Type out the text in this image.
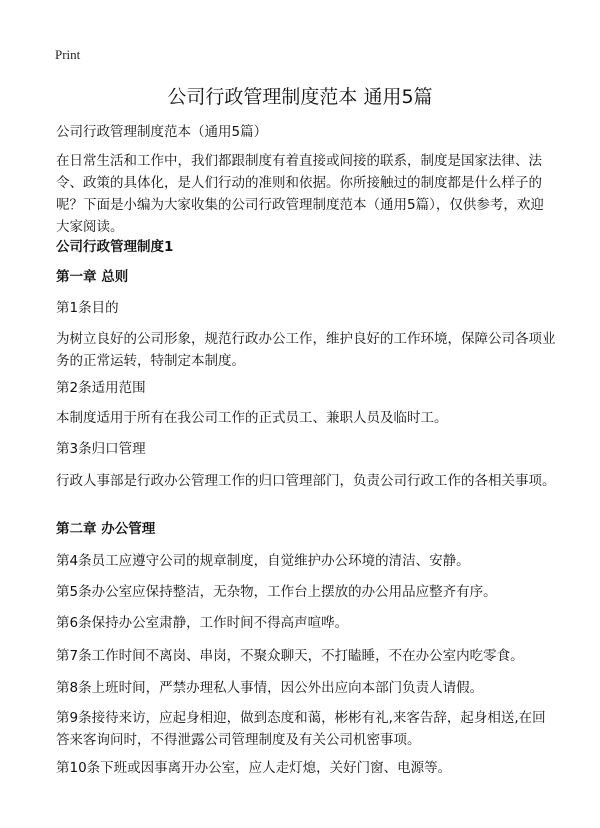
Print
公司行政管理制度范本 通用5篇

公司行政管理制度范本（通用5篇）

在日常生活和工作中，我们都跟制度有着直接或间接的联系，制度是国家法律、法令、政策的具体化，是人们行动的准则和依据。你所接触过的制度都是什么样子的呢？下面是小编为大家收集的公司行政管理制度范本（通用5篇），仅供参考，欢迎大家阅读。

公司行政管理制度1

第一章 总则

第1条目的

为树立良好的公司形象，规范行政办公工作，维护良好的工作环境，保障公司各项业务的正常运转，特制定本制度。

第2条适用范围

本制度适用于所有在我公司工作的正式员工、兼职人员及临时工。

第3条归口管理

行政人事部是行政办公管理工作的归口管理部门，负责公司行政工作的各相关事项。

第二章 办公管理

第4条员工应遵守公司的规章制度，自觉维护办公环境的清洁、安静。

第5条办公室应保持整洁，无杂物，工作台上摆放的办公用品应整齐有序。

第6条保持办公室肃静，工作时间不得高声喧哗。

第7条工作时间不离岗、串岗，不聚众聊天，不打瞌睡，不在办公室内吃零食。

第8条上班时间，严禁办理私人事情，因公外出应向本部门负责人请假。

第9条接待来访，应起身相迎，做到态度和蔼，彬彬有礼,来客告辞，起身相送,在回答来客询问时，不得泄露公司管理制度及有关公司机密事项。

第10条下班或因事离开办公室，应人走灯熄，关好门窗、电源等。
